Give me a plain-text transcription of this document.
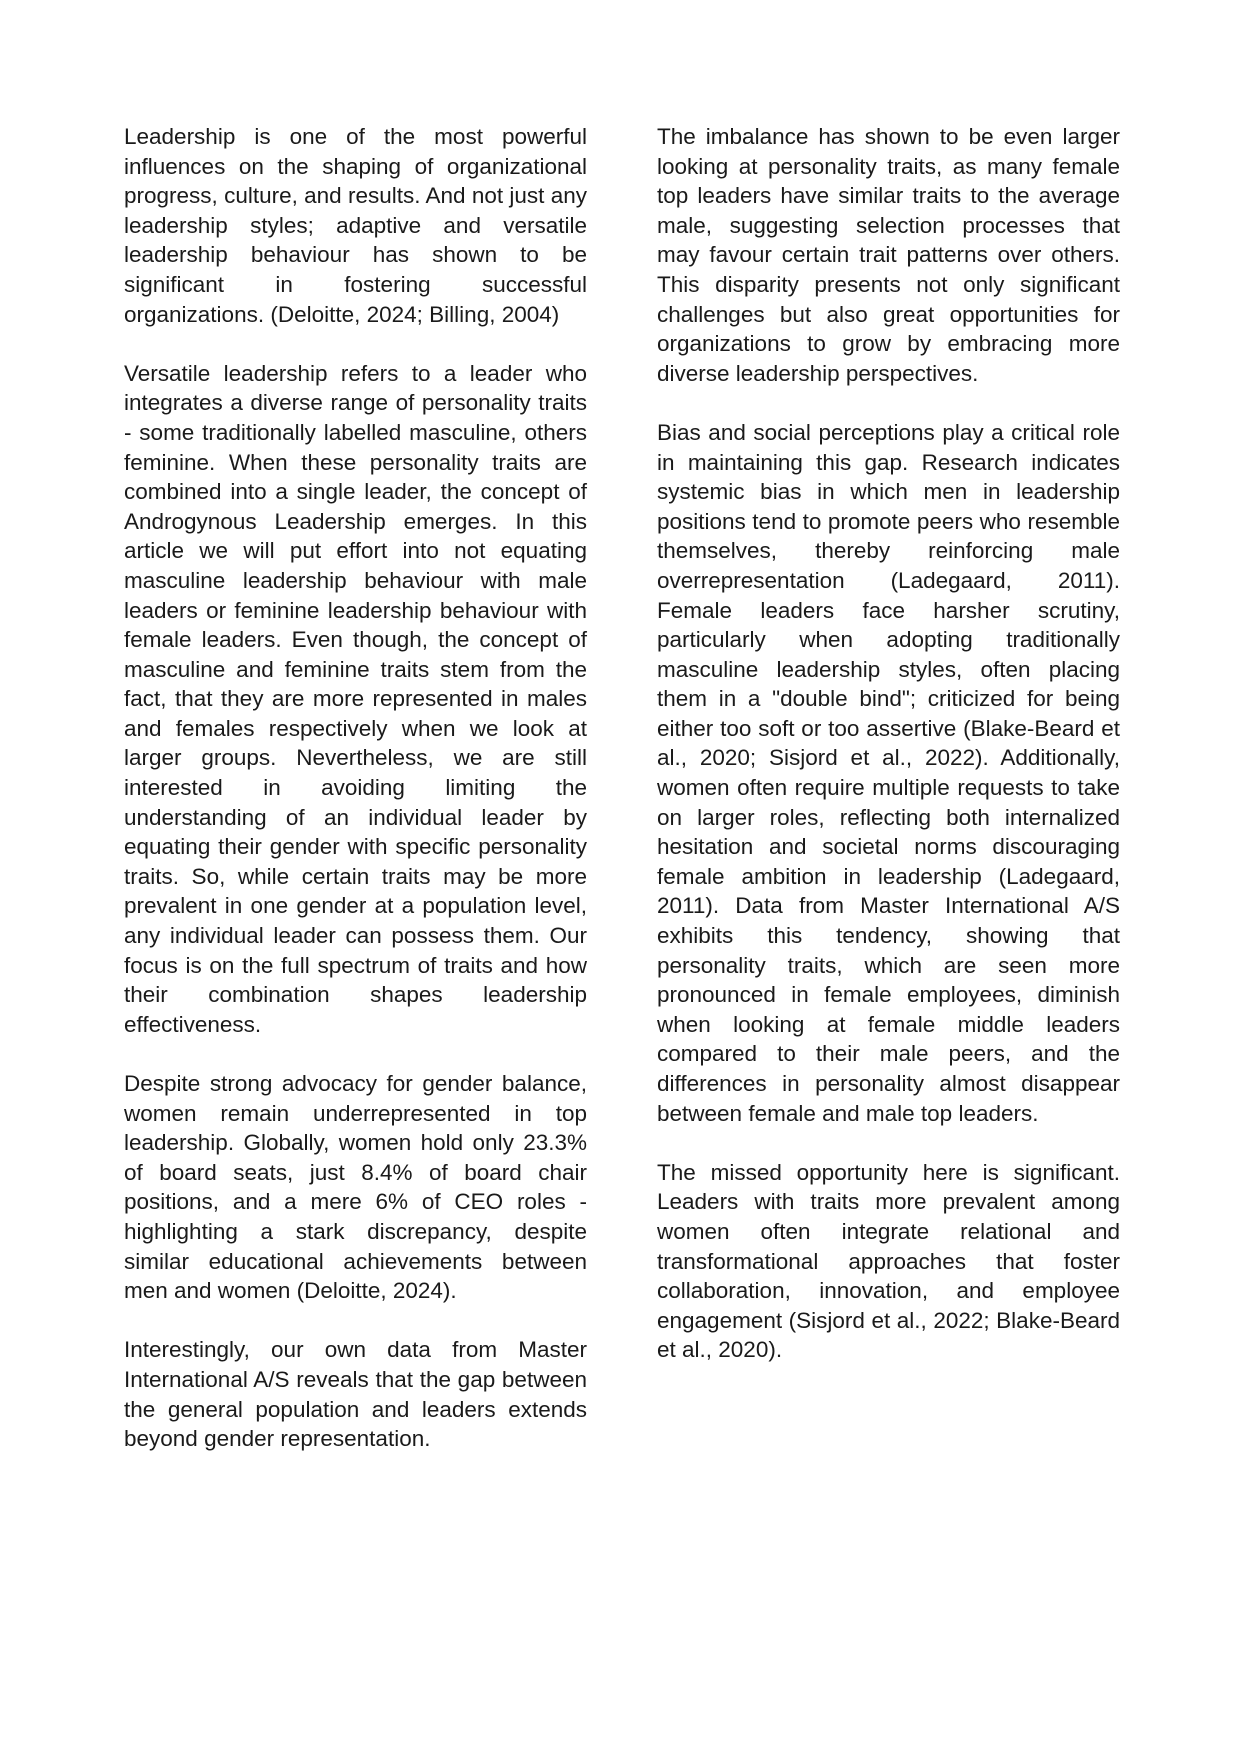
Leadership is one of the most powerful influences on the shaping of organizational progress, culture, and results. And not just any leadership styles; adaptive and versatile leadership behaviour has shown to be significant in fostering successful organizations. (Deloitte, 2024; Billing, 2004)

Versatile leadership refers to a leader who integrates a diverse range of personality traits - some traditionally labelled masculine, others feminine. When these personality traits are combined into a single leader, the concept of Androgynous Leadership emerges. In this article we will put effort into not equating masculine leadership behaviour with male leaders or feminine leadership behaviour with female leaders. Even though, the concept of masculine and feminine traits stem from the fact, that they are more represented in males and females respectively when we look at larger groups. Nevertheless, we are still interested in avoiding limiting the understanding of an individual leader by equating their gender with specific personality traits. So, while certain traits may be more prevalent in one gender at a population level, any individual leader can possess them. Our focus is on the full spectrum of traits and how their combination shapes leadership effectiveness.

Despite strong advocacy for gender balance, women remain underrepresented in top leadership. Globally, women hold only 23.3% of board seats, just 8.4% of board chair positions, and a mere 6% of CEO roles - highlighting a stark discrepancy, despite similar educational achievements between men and women (Deloitte, 2024).

Interestingly, our own data from Master International A/S reveals that the gap between the general population and leaders extends beyond gender representation.

The imbalance has shown to be even larger looking at personality traits, as many female top leaders have similar traits to the average male, suggesting selection processes that may favour certain trait patterns over others. This disparity presents not only significant challenges but also great opportunities for organizations to grow by embracing more diverse leadership perspectives.

Bias and social perceptions play a critical role in maintaining this gap. Research indicates systemic bias in which men in leadership positions tend to promote peers who resemble themselves, thereby reinforcing male overrepresentation (Ladegaard, 2011). Female leaders face harsher scrutiny, particularly when adopting traditionally masculine leadership styles, often placing them in a "double bind"; criticized for being either too soft or too assertive (Blake-Beard et al., 2020; Sisjord et al., 2022). Additionally, women often require multiple requests to take on larger roles, reflecting both internalized hesitation and societal norms discouraging female ambition in leadership (Ladegaard, 2011). Data from Master International A/S exhibits this tendency, showing that personality traits, which are seen more pronounced in female employees, diminish when looking at female middle leaders compared to their male peers, and the differences in personality almost disappear between female and male top leaders.

The missed opportunity here is significant. Leaders with traits more prevalent among women often integrate relational and transformational approaches that foster collaboration, innovation, and employee engagement (Sisjord et al., 2022; Blake-Beard et al., 2020).
